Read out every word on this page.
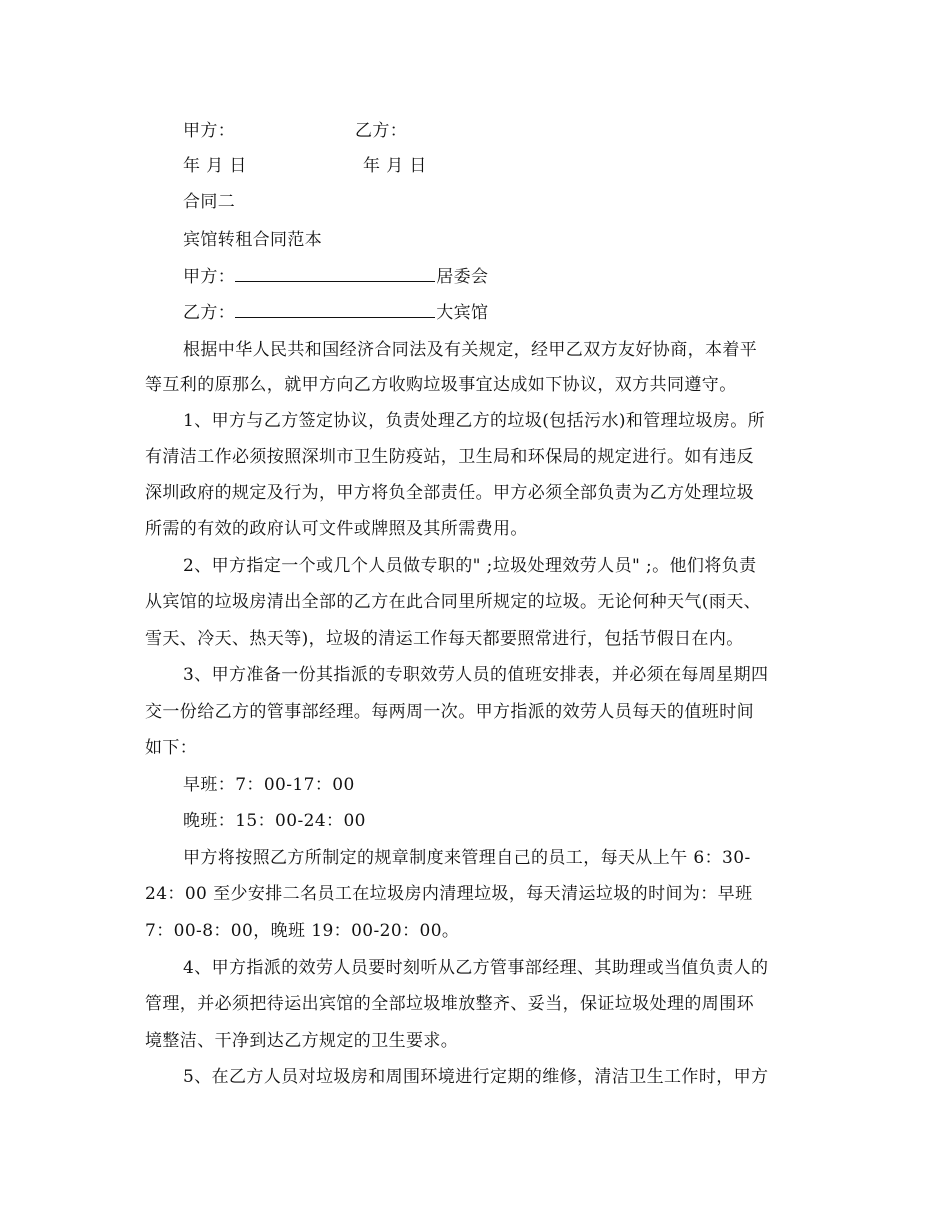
甲方：	乙方：
年 月 日	年 月 日
合同二
宾馆转租合同范本
甲方：	居委会
乙方：	大宾馆
根据中华人民共和国经济合同法及有关规定，经甲乙双方友好协商，本着平
等互利的原那么，就甲方向乙方收购垃圾事宜达成如下协议，双方共同遵守。
1、甲方与乙方签定协议，负责处理乙方的垃圾(包括污水)和管理垃圾房。所
有清洁工作必须按照深圳市卫生防疫站，卫生局和环保局的规定进行。如有违反
深圳政府的规定及行为，甲方将负全部责任。甲方必须全部负责为乙方处理垃圾
所需的有效的政府认可文件或牌照及其所需费用。
2、甲方指定一个或几个人员做专职的" ;垃圾处理效劳人员" ;。他们将负责
从宾馆的垃圾房清出全部的乙方在此合同里所规定的垃圾。无论何种天气(雨天、
雪天、冷天、热天等)，垃圾的清运工作每天都要照常进行，包括节假日在内。
3、甲方准备一份其指派的专职效劳人员的值班安排表，并必须在每周星期四
交一份给乙方的管事部经理。每两周一次。甲方指派的效劳人员每天的值班时间
如下：
早班：7：00-17：00
晚班：15：00-24：00
甲方将按照乙方所制定的规章制度来管理自己的员工，每天从上午 6：30-
24：00 至少安排二名员工在垃圾房内清理垃圾，每天清运垃圾的时间为：早班
7：00-8：00，晚班 19：00-20：00。
4、甲方指派的效劳人员要时刻听从乙方管事部经理、其助理或当值负责人的
管理，并必须把待运出宾馆的全部垃圾堆放整齐、妥当，保证垃圾处理的周围环
境整洁、干净到达乙方规定的卫生要求。
5、在乙方人员对垃圾房和周围环境进行定期的维修，清洁卫生工作时，甲方
